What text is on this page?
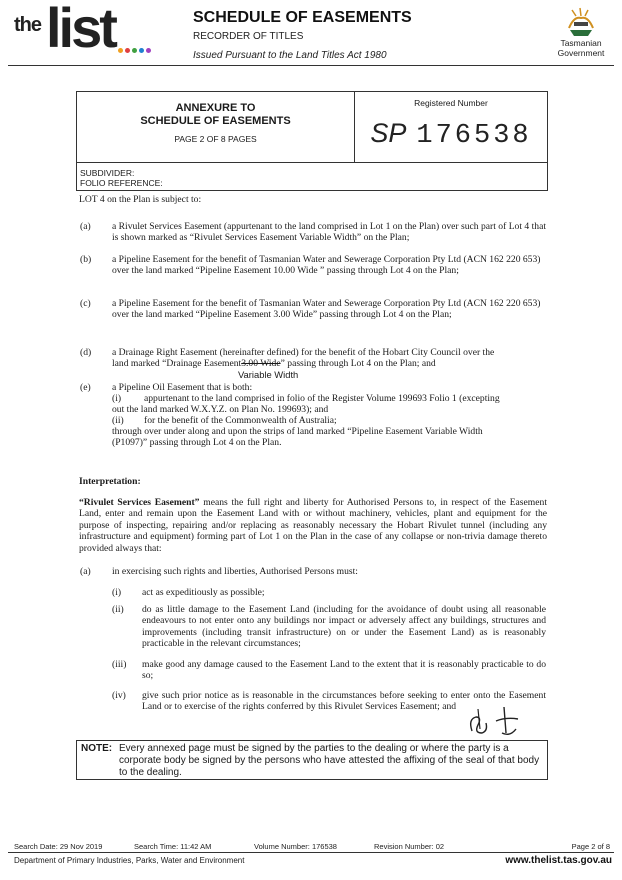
the list	SCHEDULE OF EASEMENTS
RECORDER OF TITLES
Issued Pursuant to the Land Titles Act 1980
Tasmanian
Government
ANNEXURE TO
SCHEDULE OF EASEMENTS
PAGE 2 OF 8 PAGES
Registered Number
SP 176538
SUBDIVIDER:
FOLIO REFERENCE:
LOT 4 on the Plan is subject to:
(a) a Rivulet Services Easement (appurtenant to the land comprised in Lot 1 on the Plan) over such part of Lot 4 that is shown marked as “Rivulet Services Easement Variable Width” on the Plan;
(b) a Pipeline Easement for the benefit of Tasmanian Water and Sewerage Corporation Pty Ltd (ACN 162 220 653) over the land marked “Pipeline Easement 10.00 Wide ” passing through Lot 4 on the Plan;
(c) a Pipeline Easement for the benefit of Tasmanian Water and Sewerage Corporation Pty Ltd (ACN 162 220 653) over the land marked “Pipeline Easement 3.00 Wide” passing through Lot 4 on the Plan;
(d) a Drainage Right Easement (hereinafter defined) for the benefit of the Hobart City Council over the
land marked “Drainage Easement3.00 Wide” passing through Lot 4 on the Plan; and
Variable Width
(e) a Pipeline Oil Easement that is both:
(i) appurtenant to the land comprised in folio of the Register Volume 199693 Folio 1 (excepting
out the land marked W.X.Y.Z. on Plan No. 199693); and
(ii) for the benefit of the Commonwealth of Australia;
through over under along and upon the strips of land marked “Pipeline Easement Variable Width
(P1097)” passing through Lot 4 on the Plan.
Interpretation:
“Rivulet Services Easement” means the full right and liberty for Authorised Persons to, in respect of the Easement Land, enter and remain upon the Easement Land with or without machinery, vehicles, plant and equipment for the purpose of inspecting, repairing and/or replacing as reasonably necessary the Hobart Rivulet tunnel (including any infrastructure and equipment) forming part of Lot 1 on the Plan in the case of any collapse or non-trivia damage thereto provided always that:
(a) in exercising such rights and liberties, Authorised Persons must:
(i) act as expeditiously as possible;
(ii) do as little damage to the Easement Land (including for the avoidance of doubt using all reasonable endeavours to not enter onto any buildings nor impact or adversely affect any buildings, structures and improvements (including transit infrastructure) on or under the Easement Land) as is reasonably practicable in the relevant circumstances;
(iii) make good any damage caused to the Easement Land to the extent that it is reasonably practicable to do so;
(iv) give such prior notice as is reasonable in the circumstances before seeking to enter onto the Easement Land or to exercise of the rights conferred by this Rivulet Services Easement; and
NOTE: Every annexed page must be signed by the parties to the dealing or where the party is a corporate body be signed by the persons who have attested the affixing of the seal of that body to the dealing.
Search Date: 29 Nov 2019	Search Time: 11:42 AM	Volume Number: 176538	Revision Number: 02	Page 2 of 8
Department of Primary Industries, Parks, Water and Environment	www.thelist.tas.gov.au
